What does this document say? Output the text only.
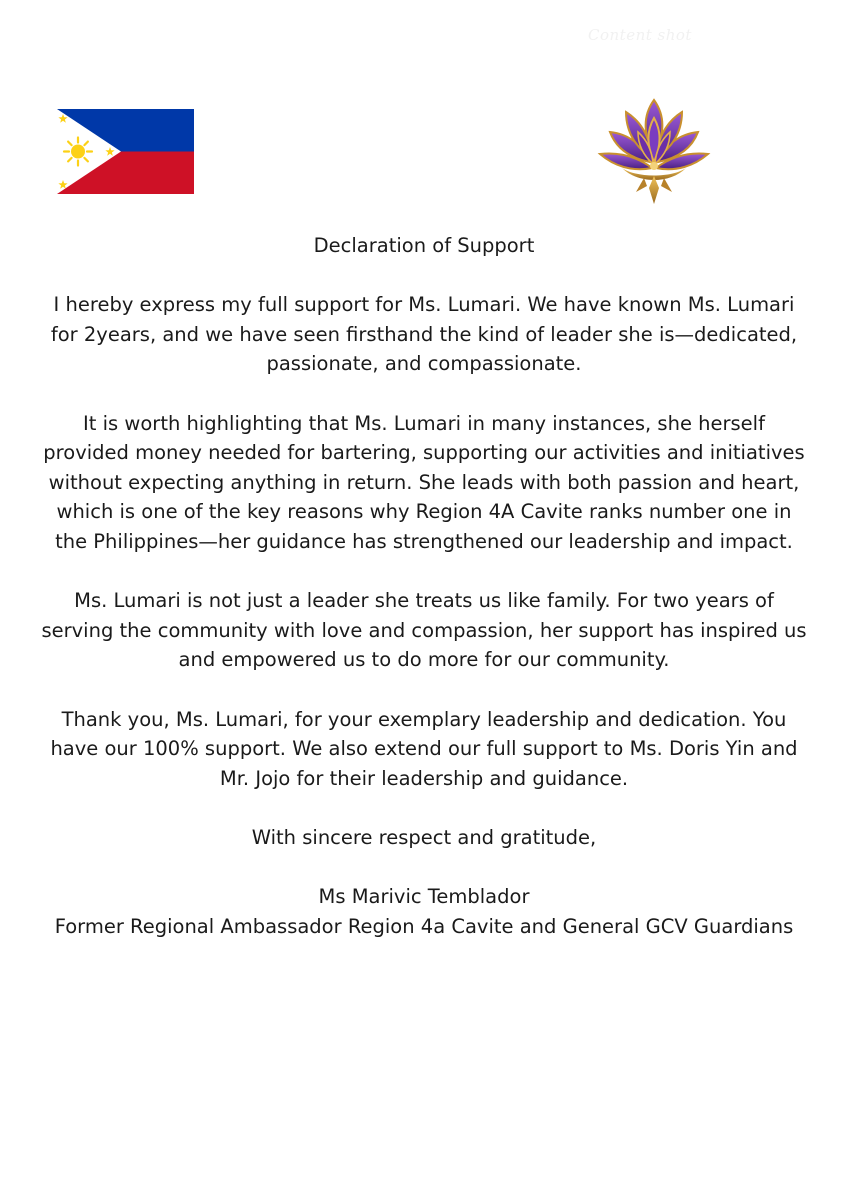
Content shot

Declaration of Support

I hereby express my full support for Ms. Lumari. We have known Ms. Lumari for 2years, and we have seen firsthand the kind of leader she is—dedicated, passionate, and compassionate.

It is worth highlighting that Ms. Lumari in many instances, she herself provided money needed for bartering, supporting our activities and initiatives without expecting anything in return. She leads with both passion and heart, which is one of the key reasons why Region 4A Cavite ranks number one in the Philippines—her guidance has strengthened our leadership and impact.

Ms. Lumari is not just a leader she treats us like family. For two years of serving the community with love and compassion, her support has inspired us and empowered us to do more for our community.

Thank you, Ms. Lumari, for your exemplary leadership and dedication. You have our 100% support. We also extend our full support to Ms. Doris Yin and Mr. Jojo for their leadership and guidance.

With sincere respect and gratitude,

Ms Marivic Temblador

Former Regional Ambassador Region 4a Cavite and General GCV Guardians
